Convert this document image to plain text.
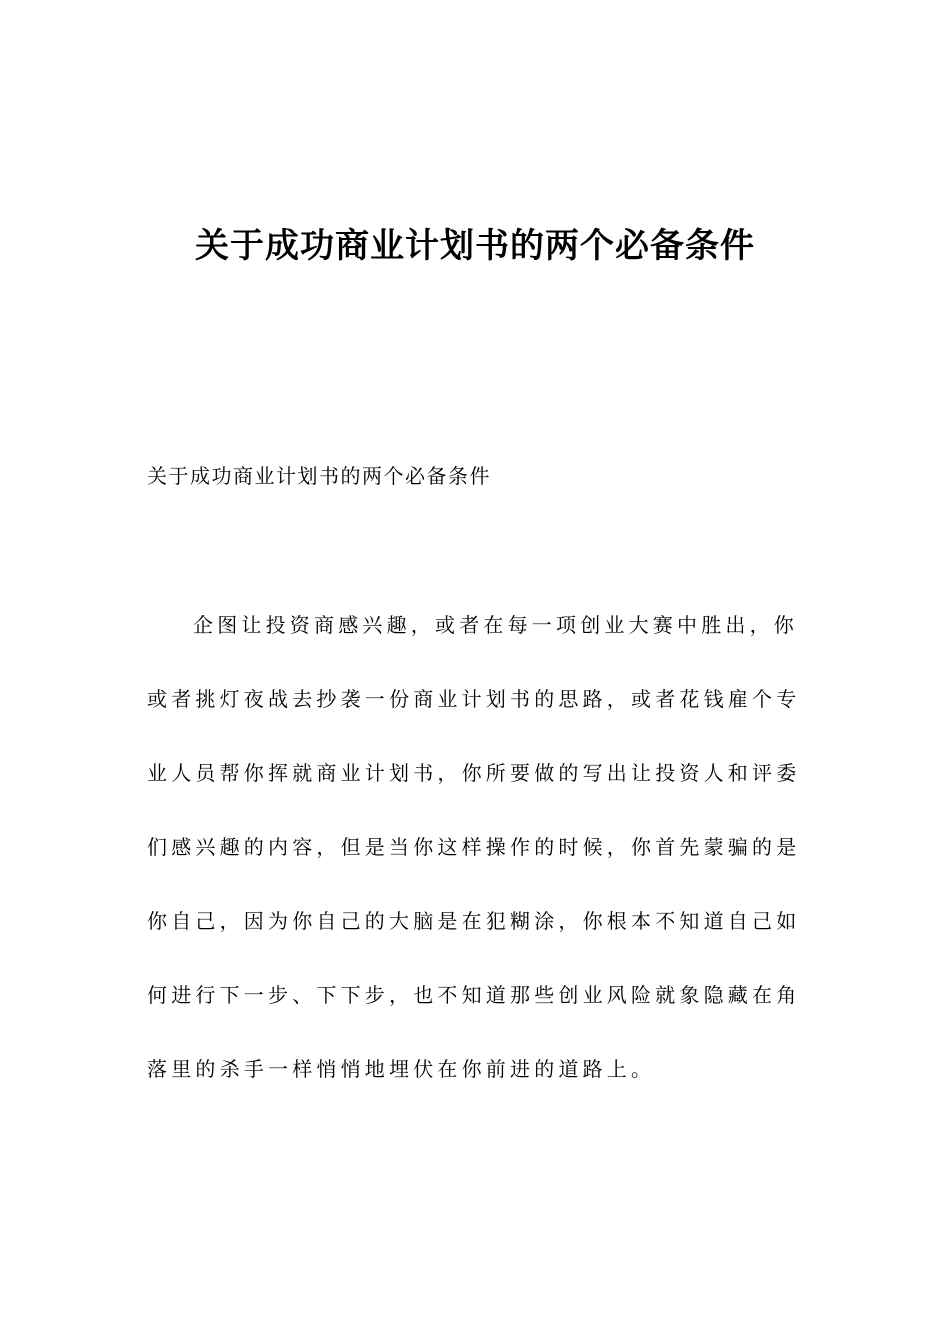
关于成功商业计划书的两个必备条件
关于成功商业计划书的两个必备条件
企图让投资商感兴趣，或者在每一项创业大赛中胜出，你
或者挑灯夜战去抄袭一份商业计划书的思路，或者花钱雇个专
业人员帮你挥就商业计划书，你所要做的写出让投资人和评委
们感兴趣的内容，但是当你这样操作的时候，你首先蒙骗的是
你自己，因为你自己的大脑是在犯糊涂，你根本不知道自己如
何进行下一步、下下步，也不知道那些创业风险就象隐藏在角
落里的杀手一样悄悄地埋伏在你前进的道路上。
